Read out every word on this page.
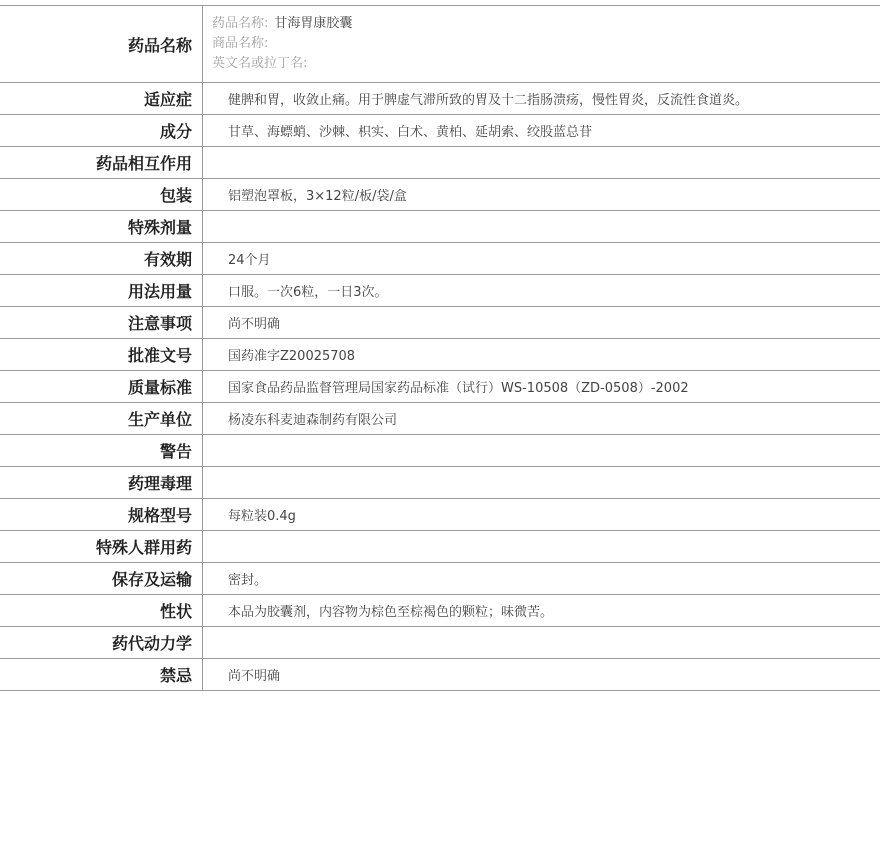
药品名称	药品名称: 甘海胃康胶囊
商品名称:
英文名或拉丁名:

适应症	健脾和胃，收敛止痛。用于脾虚气滞所致的胃及十二指肠溃疡，慢性胃炎，反流性食道炎。
成分	甘草、海螵蛸、沙棘、枳实、白术、黄柏、延胡索、绞股蓝总苷
药品相互作用	
包装	铝塑泡罩板，3×12粒/板/袋/盒
特殊剂量	
有效期	24个月
用法用量	口服。一次6粒，一日3次。
注意事项	尚不明确
批准文号	国药准字Z20025708
质量标准	国家食品药品监督管理局国家药品标准（试行）WS-10508（ZD-0508）-2002
生产单位	杨凌东科麦迪森制药有限公司
警告	
药理毒理	
规格型号	每粒装0.4g
特殊人群用药	
保存及运输	密封。
性状	本品为胶囊剂，内容物为棕色至棕褐色的颗粒；味微苦。
药代动力学	
禁忌	尚不明确
